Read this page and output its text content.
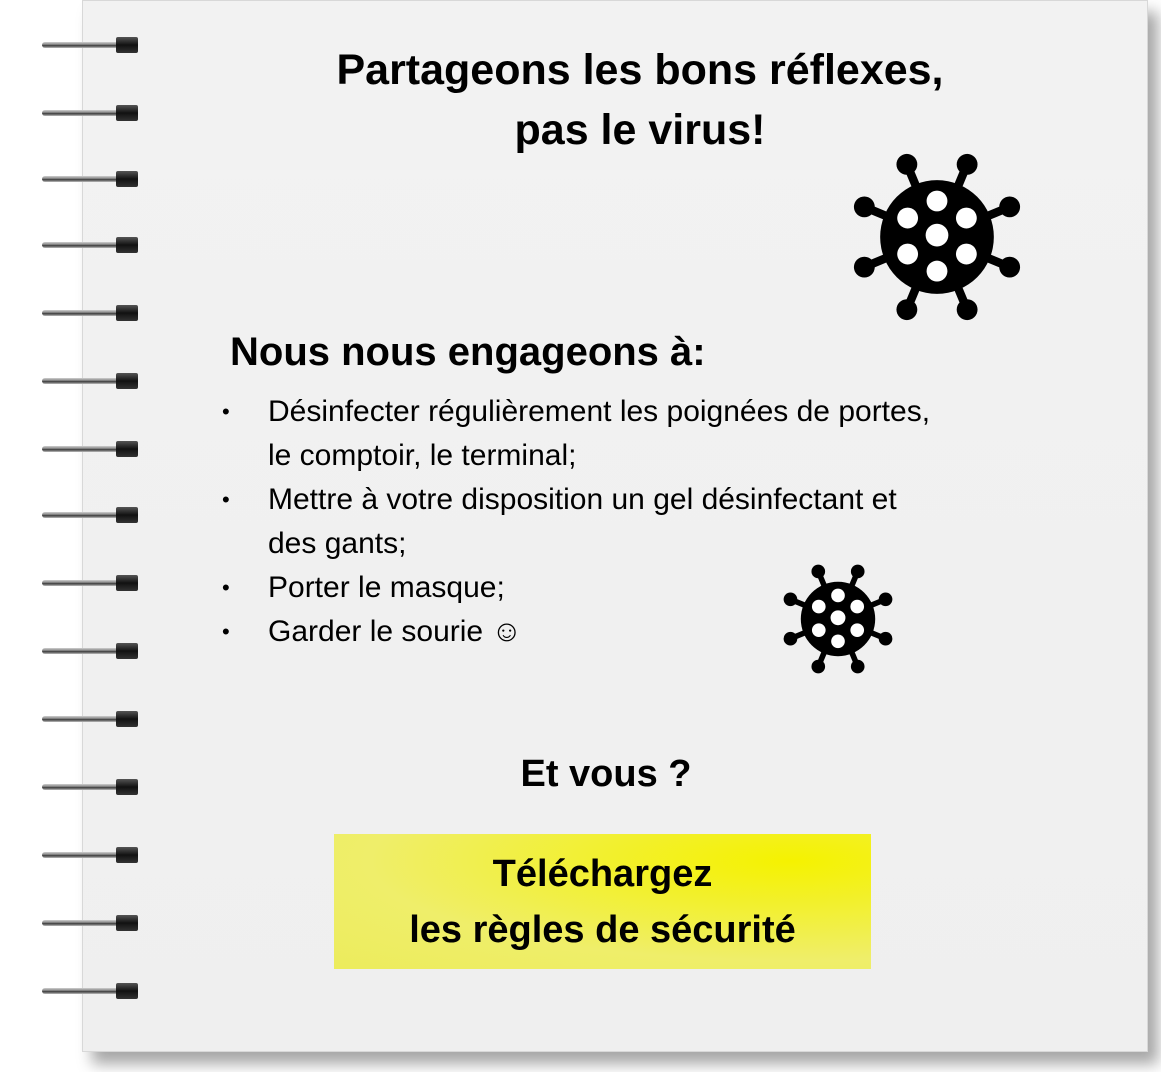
Partageons les bons réflexes,
pas le virus!
Nous nous engageons à:
• Désinfecter régulièrement les poignées de portes, le comptoir, le terminal;
• Mettre à votre disposition un gel désinfectant et des gants;
• Porter le masque;
• Garder le sourie ☺
Et vous ?
Téléchargez
les règles de sécurité
